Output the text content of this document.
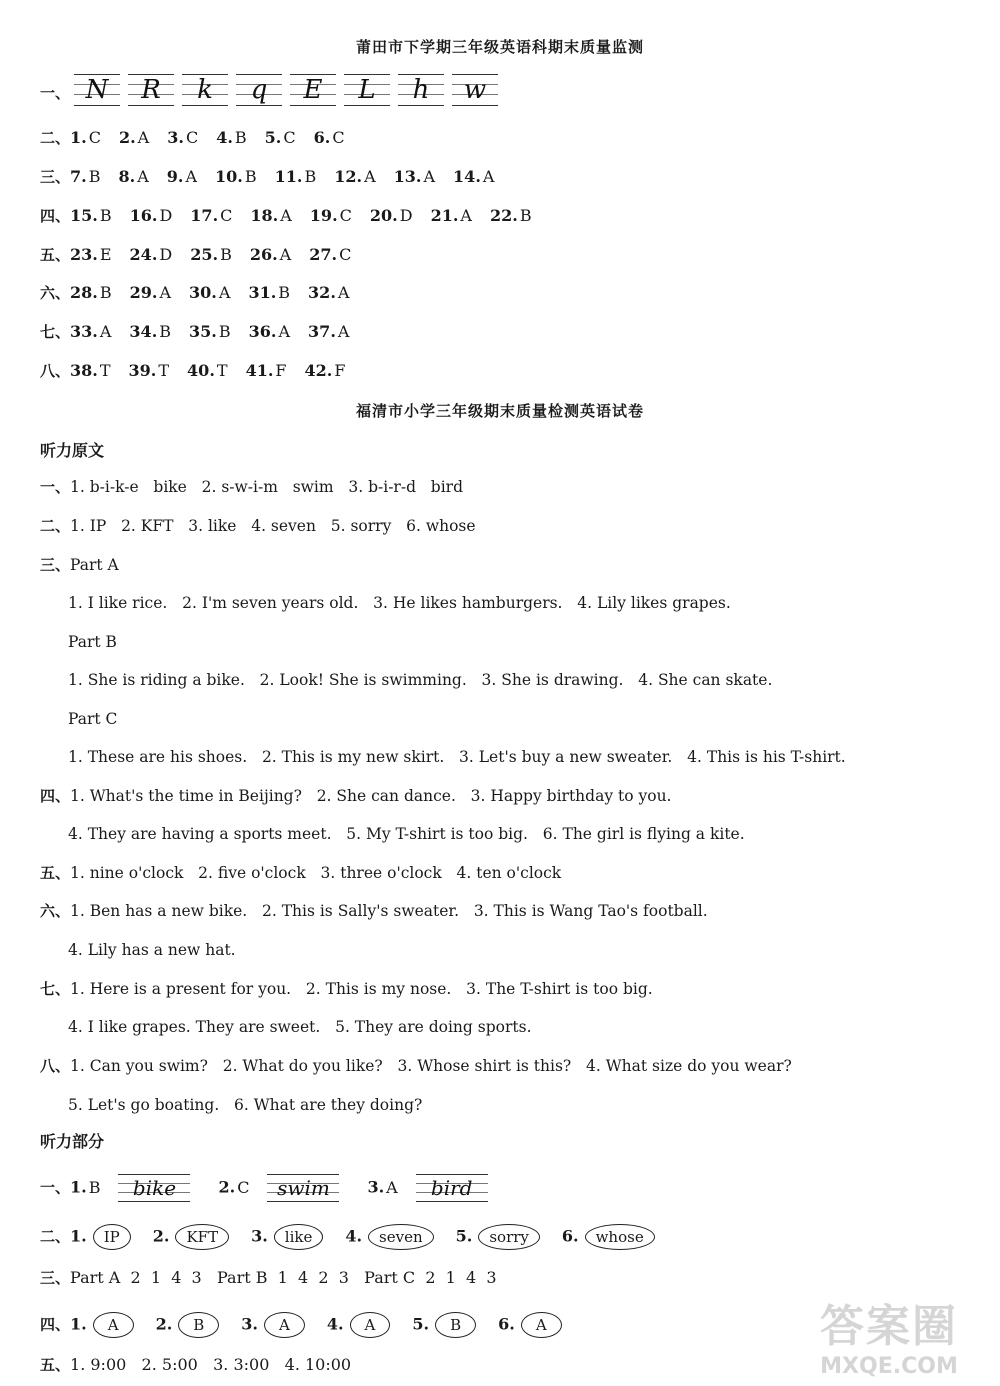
莆田市下学期三年级英语科期末质量监测
一、 N	R	k	q	E	L	h	w
二、1. C 2. A 3. C 4. B 5. C 6. C
三、7. B 8. A 9. A 10. B 11. B 12. A 13. A 14. A
四、15. B 16. D 17. C 18. A 19. C 20. D 21. A 22. B
五、23. E 24. D 25. B 26. A 27. C
六、28. B 29. A 30. A 31. B 32. A
七、33. A 34. B 35. B 36. A 37. A
八、38. T 39. T 40. T 41. F 42. F
福清市小学三年级期末质量检测英语试卷
听力原文
一、1. b-i-k-e   bike   2. s-w-i-m   swim   3. b-i-r-d   bird
二、1. IP   2. KFT   3. like   4. seven   5. sorry   6. whose
三、Part A
1. I like rice.   2. I'm seven years old.   3. He likes hamburgers.   4. Lily likes grapes.
Part B
1. She is riding a bike.   2. Look! She is swimming.   3. She is drawing.   4. She can skate.
Part C
1. These are his shoes.   2. This is my new skirt.   3. Let's buy a new sweater.   4. This is his T-shirt.
四、1. What's the time in Beijing?   2. She can dance.   3. Happy birthday to you.
4. They are having a sports meet.   5. My T-shirt is too big.   6. The girl is flying a kite.
五、1. nine o'clock   2. five o'clock   3. three o'clock   4. ten o'clock
六、1. Ben has a new bike.   2. This is Sally's sweater.   3. This is Wang Tao's football.
4. Lily has a new hat.
七、1. Here is a present for you.   2. This is my nose.   3. The T-shirt is too big.
4. I like grapes. They are sweet.   5. They are doing sports.
八、1. Can you swim?   2. What do you like?   3. Whose shirt is this?   4. What size do you wear?
5. Let's go boating.   6. What are they doing?
听力部分
一、1. B bike	2. C swim 3. A bird
二、1. IP 2. KFT 3. like 4. seven 5. sorry 6. whose
三、Part A  2  1  4  3   Part B  1  4  2  3   Part C  2  1  4  3
四、1. A 2. B 3. A 4. A 5. B 6. A
五、1. 9:00   2. 5:00   3. 3:00   4. 10:00
答案圈
MXQE.COM
